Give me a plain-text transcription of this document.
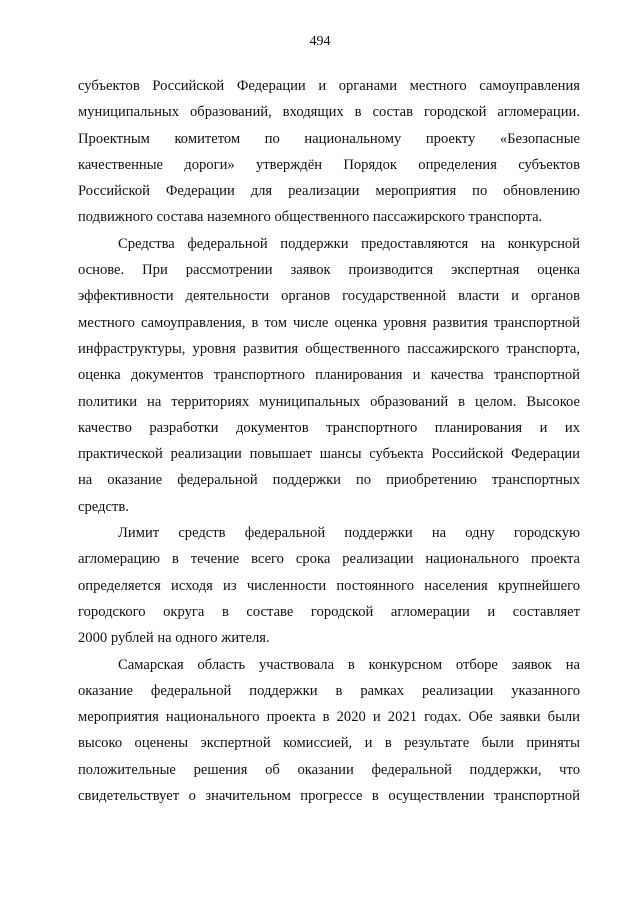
494
субъектов Российской Федерации и органами местного самоуправления
муниципальных образований, входящих в состав городской агломерации.
Проектным комитетом по национальному проекту «Безопасные
качественные дороги» утверждён Порядок определения субъектов
Российской Федерации для реализации мероприятия по обновлению
подвижного состава наземного общественного пассажирского транспорта.
Средства федеральной поддержки предоставляются на конкурсной
основе. При рассмотрении заявок производится экспертная оценка
эффективности деятельности органов государственной власти и органов
местного самоуправления, в том числе оценка уровня развития транспортной
инфраструктуры, уровня развития общественного пассажирского транспорта,
оценка документов транспортного планирования и качества транспортной
политики на территориях муниципальных образований в целом. Высокое
качество разработки документов транспортного планирования и их
практической реализации повышает шансы субъекта Российской Федерации
на оказание федеральной поддержки по приобретению транспортных
средств.
Лимит средств федеральной поддержки на одну городскую
агломерацию в течение всего срока реализации национального проекта
определяется исходя из численности постоянного населения крупнейшего
городского округа в составе городской агломерации и составляет
2000 рублей на одного жителя.
Самарская область участвовала в конкурсном отборе заявок на
оказание федеральной поддержки в рамках реализации указанного
мероприятия национального проекта в 2020 и 2021 годах. Обе заявки были
высоко оценены экспертной комиссией, и в результате были приняты
положительные решения об оказании федеральной поддержки, что
свидетельствует о значительном прогрессе в осуществлении транспортной
